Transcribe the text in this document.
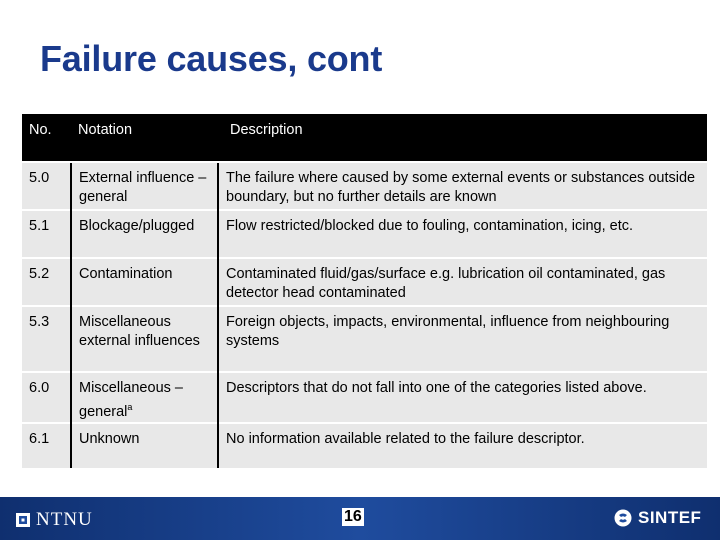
Failure causes, cont
No.	Notation	Description
5.0	External influence – general	The failure where caused by some external events or substances outside boundary, but no further details are known
5.1	Blockage/plugged	Flow restricted/blocked due to fouling, contamination, icing, etc.
5.2	Contamination	Contaminated fluid/gas/surface e.g. lubrication oil contaminated, gas detector head contaminated
5.3	Miscellaneous external influences	Foreign objects, impacts, environmental, influence from neighbouring systems
6.0	Miscellaneous – general$^a$	Descriptors that do not fall into one of the categories listed above.
6.1	Unknown	No information available related to the failure descriptor.
NTNU	16	SINTEF
